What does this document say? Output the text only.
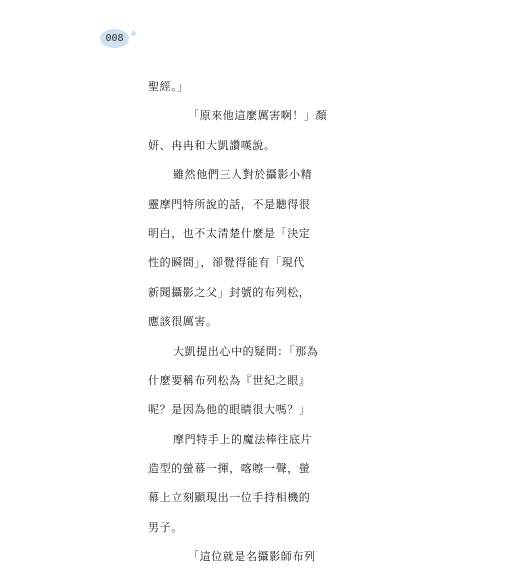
008
聖經。」
「原來他這麼厲害啊！」顏
妍、冉冉和大凱讚嘆說。
雖然他們三人對於攝影小精
靈摩門特所說的話，不是聽得很
明白，也不太清楚什麼是「決定
性的瞬間」，卻覺得能有「現代
新聞攝影之父」封號的布列松，
應該很厲害。
大凱提出心中的疑問：「那為
什麼要稱布列松為『世紀之眼』
呢？是因為他的眼睛很大嗎？」
摩門特手上的魔法棒往底片
造型的螢幕一揮，喀嚓一聲，螢
幕上立刻顯現出一位手持相機的
男子。
「這位就是名攝影師布列
